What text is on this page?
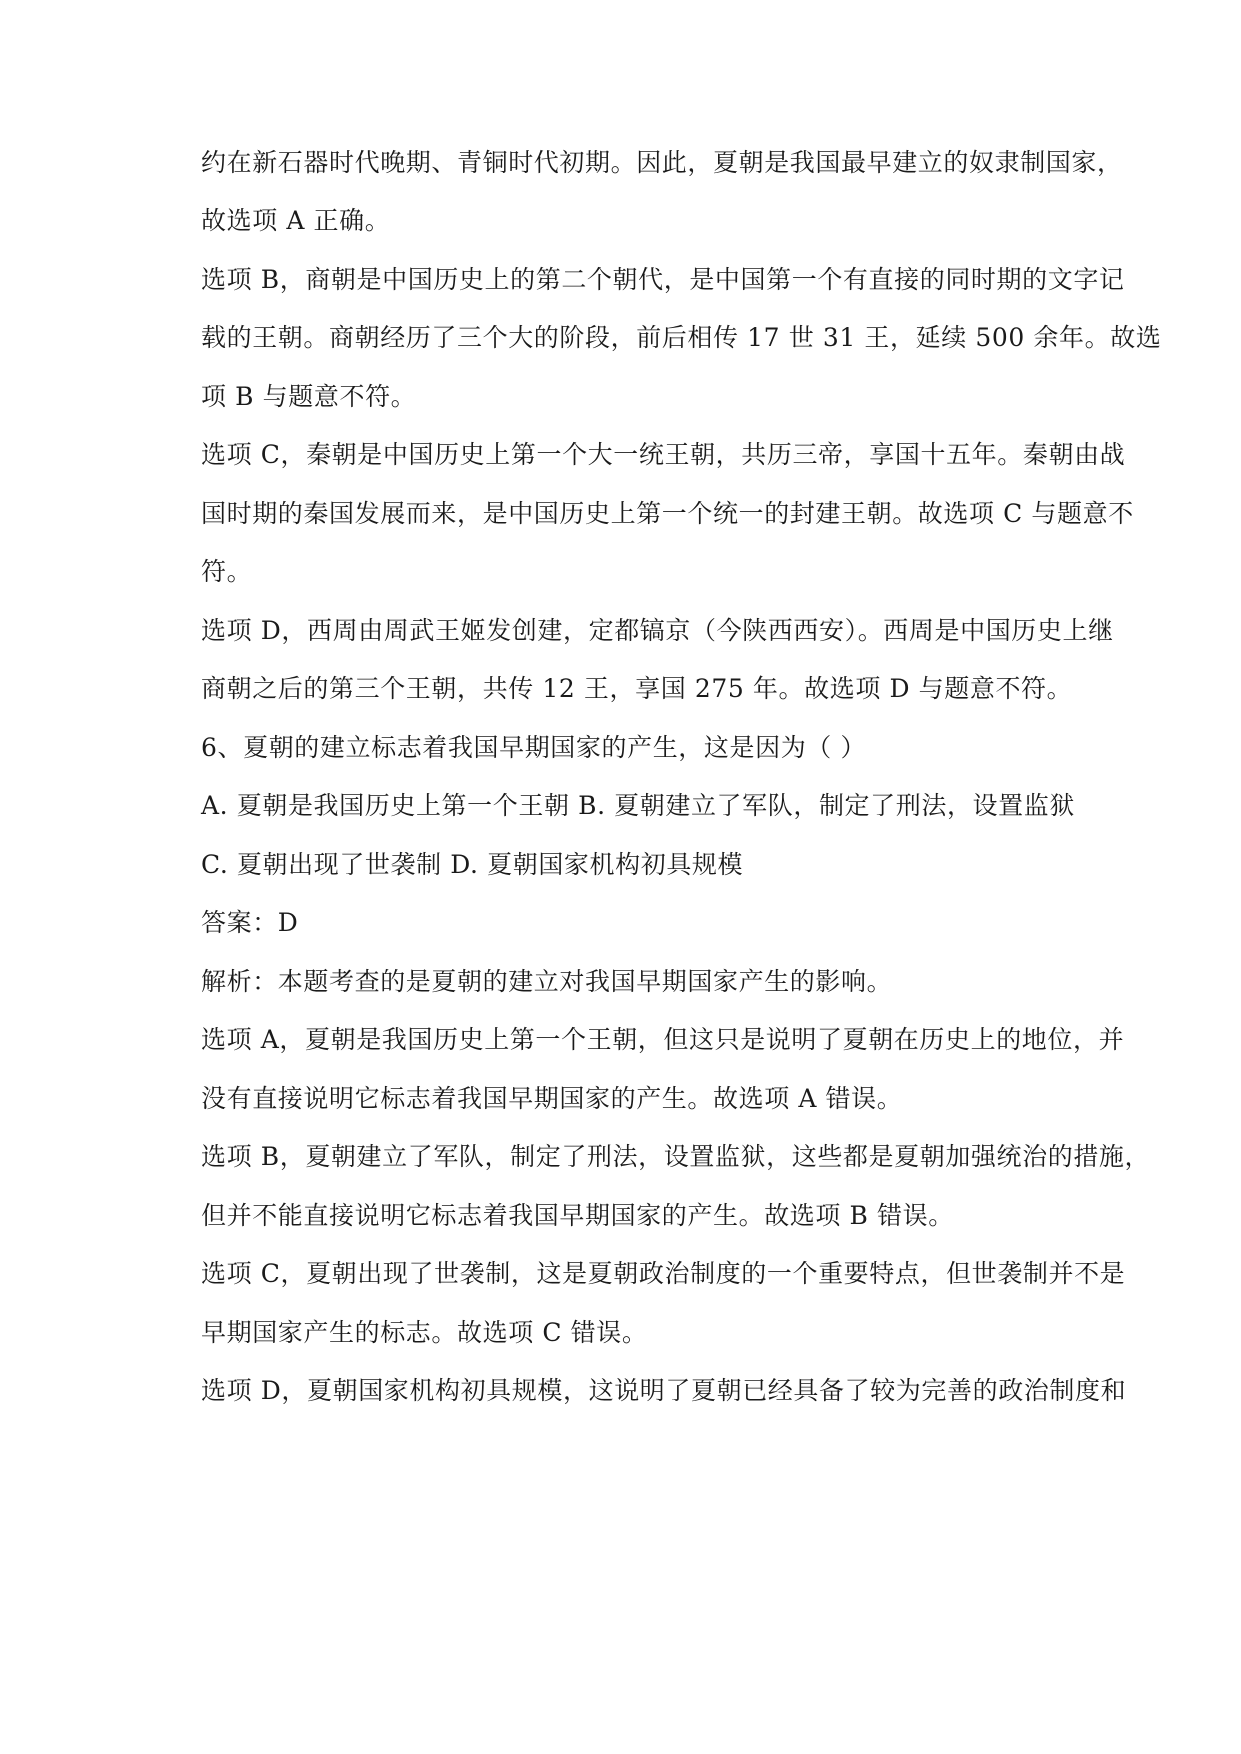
约在新石器时代晚期、青铜时代初期。因此，夏朝是我国最早建立的奴隶制国家，

故选项 A 正确。

选项 B，商朝是中国历史上的第二个朝代，是中国第一个有直接的同时期的文字记

载的王朝。商朝经历了三个大的阶段，前后相传 17 世 31 王，延续 500 余年。故选

项 B 与题意不符。

选项 C，秦朝是中国历史上第一个大一统王朝，共历三帝，享国十五年。秦朝由战

国时期的秦国发展而来，是中国历史上第一个统一的封建王朝。故选项 C 与题意不

符。

选项 D，西周由周武王姬发创建，定都镐京（今陕西西安）。西周是中国历史上继

商朝之后的第三个王朝，共传 12 王，享国 275 年。故选项 D 与题意不符。

6、夏朝的建立标志着我国早期国家的产生，这是因为（ ）

A. 夏朝是我国历史上第一个王朝 B. 夏朝建立了军队，制定了刑法，设置监狱

C. 夏朝出现了世袭制 D. 夏朝国家机构初具规模

答案：D

解析：本题考查的是夏朝的建立对我国早期国家产生的影响。

选项 A，夏朝是我国历史上第一个王朝，但这只是说明了夏朝在历史上的地位，并

没有直接说明它标志着我国早期国家的产生。故选项 A 错误。

选项 B，夏朝建立了军队，制定了刑法，设置监狱，这些都是夏朝加强统治的措施，

但并不能直接说明它标志着我国早期国家的产生。故选项 B 错误。

选项 C，夏朝出现了世袭制，这是夏朝政治制度的一个重要特点，但世袭制并不是

早期国家产生的标志。故选项 C 错误。

选项 D，夏朝国家机构初具规模，这说明了夏朝已经具备了较为完善的政治制度和
